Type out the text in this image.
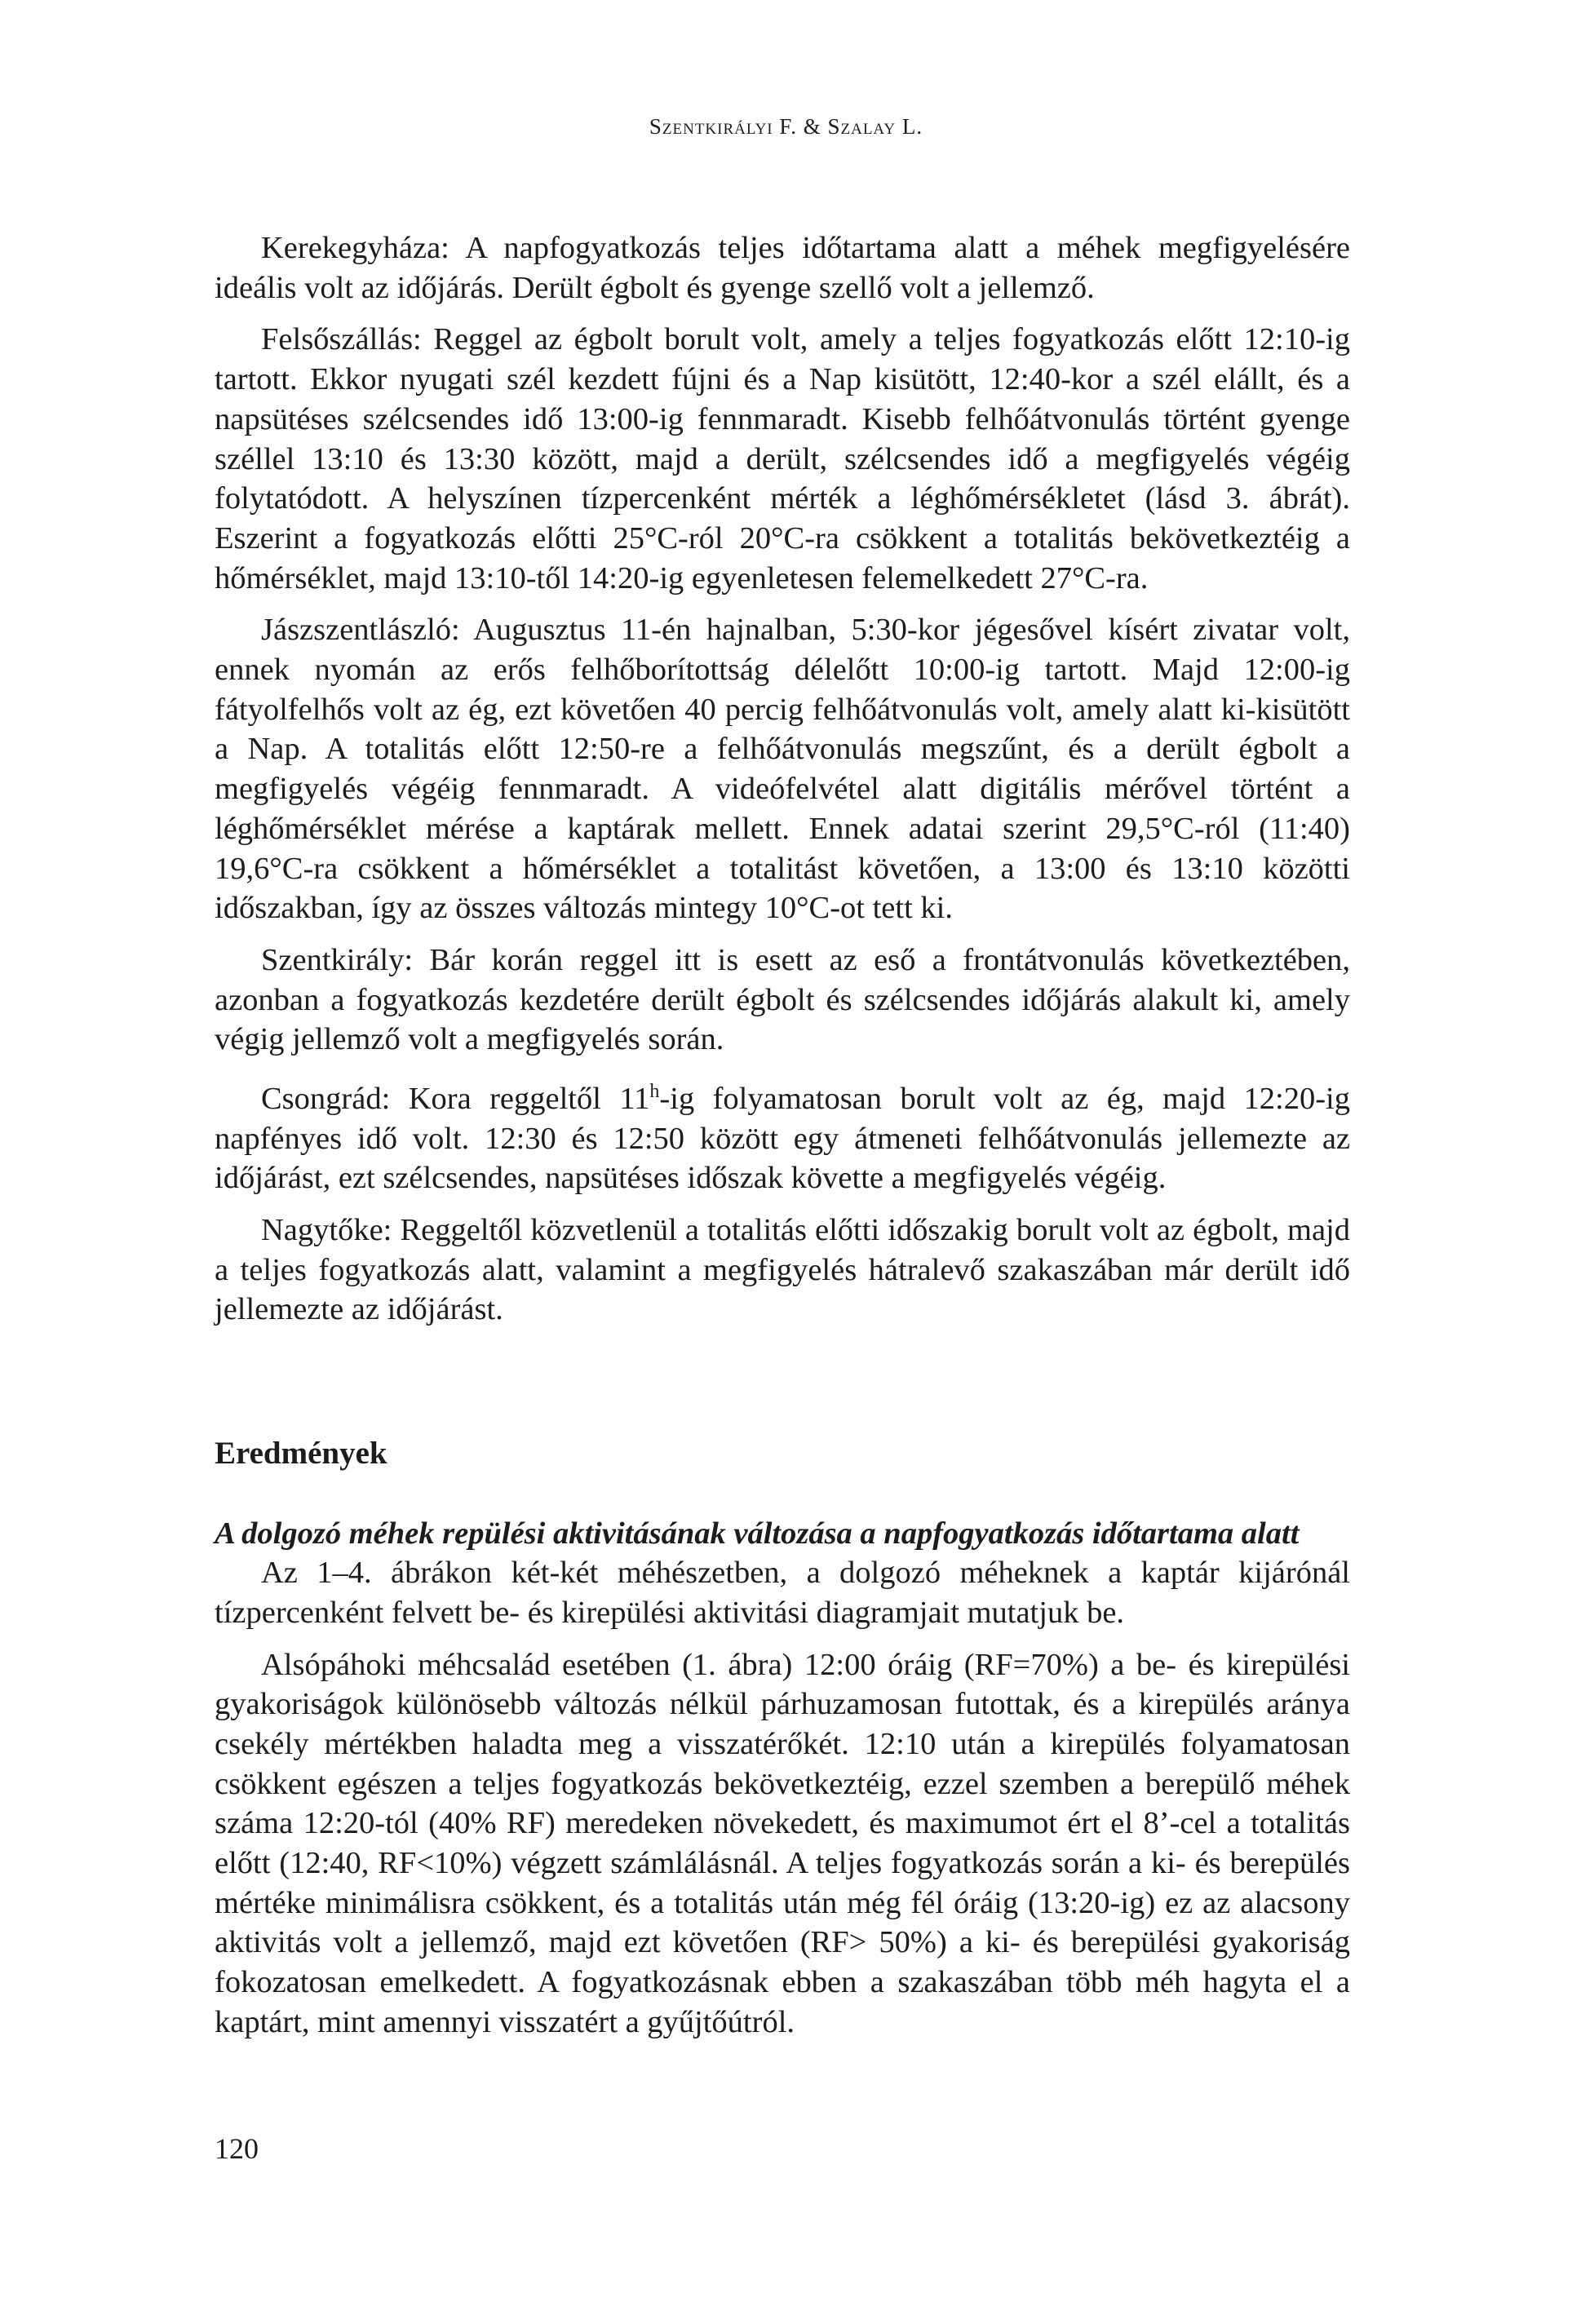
Szentkirályi F. & Szalay L.

Kerekegyháza: A napfogyatkozás teljes időtartama alatt a méhek megfigyelésére ideális volt az időjárás. Derült égbolt és gyenge szellő volt a jellemző.

Felsőszállás: Reggel az égbolt borult volt, amely a teljes fogyatkozás előtt 12:10-ig tartott. Ekkor nyugati szél kezdett fújni és a Nap kisütött, 12:40-kor a szél elállt, és a napsütéses szélcsendes idő 13:00-ig fennmaradt. Kisebb felhőátvonulás történt gyenge széllel 13:10 és 13:30 között, majd a derült, szélcsendes idő a megfigyelés végéig folytatódott. A helyszínen tízpercenként mérték a léghőmérsékletet (lásd 3. ábrát). Eszerint a fogyatkozás előtti 25°C-ról 20°C-ra csökkent a totalitás bekövetkeztéig a hőmérséklet, majd 13:10-től 14:20-ig egyenletesen felemelkedett 27°C-ra.

Jászszentlászló: Augusztus 11-én hajnalban, 5:30-kor jégesővel kísért zivatar volt, ennek nyomán az erős felhőborítottság délelőtt 10:00-ig tartott. Majd 12:00-ig fátyolfelhős volt az ég, ezt követően 40 percig felhőátvonulás volt, amely alatt ki-kisütött a Nap. A totalitás előtt 12:50-re a felhőátvonulás megszűnt, és a derült égbolt a megfigyelés végéig fennmaradt. A videófelvétel alatt digitális mérővel történt a léghőmérséklet mérése a kaptárak mellett. Ennek adatai szerint 29,5°C-ról (11:40) 19,6°C-ra csökkent a hőmérséklet a totalitást követően, a 13:00 és 13:10 közötti időszakban, így az összes változás mintegy 10°C-ot tett ki.

Szentkirály: Bár korán reggel itt is esett az eső a frontátvonulás következtében, azonban a fogyatkozás kezdetére derült égbolt és szélcsendes időjárás alakult ki, amely végig jellemző volt a megfigyelés során.

Csongrád: Kora reggeltől 11$^h$-ig folyamatosan borult volt az ég, majd 12:20-ig napfényes idő volt. 12:30 és 12:50 között egy átmeneti felhőátvonulás jellemezte az időjárást, ezt szélcsendes, napsütéses időszak követte a megfigyelés végéig.

Nagytőke: Reggeltől közvetlenül a totalitás előtti időszakig borult volt az égbolt, majd a teljes fogyatkozás alatt, valamint a megfigyelés hátralevő szakaszában már derült idő jellemezte az időjárást.

Eredmények
A dolgozó méhek repülési aktivitásának változása a napfogyatkozás időtartama alatt

Az 1–4. ábrákon két-két méhészetben, a dolgozó méheknek a kaptár kijárónál tízpercenként felvett be- és kirepülési aktivitási diagramjait mutatjuk be.

Alsópáhoki méhcsalád esetében (1. ábra) 12:00 óráig (RF=70%) a be- és kirepülési gyakoriságok különösebb változás nélkül párhuzamosan futottak, és a kirepülés aránya csekély mértékben haladta meg a visszatérőkét. 12:10 után a kirepülés folyamatosan csökkent egészen a teljes fogyatkozás bekövetkeztéig, ezzel szemben a berepülő méhek száma 12:20-tól (40% RF) meredeken növekedett, és maximumot ért el 8’-cel a totalitás előtt (12:40, RF<10%) végzett számlálásnál. A teljes fogyatkozás során a ki- és berepülés mértéke minimálisra csökkent, és a totalitás után még fél óráig (13:20-ig) ez az alacsony aktivitás volt a jellemző, majd ezt követően (RF> 50%) a ki- és berepülési gyakoriság fokozatosan emelkedett. A fogyatkozásnak ebben a szakaszában több méh hagyta el a kaptárt, mint amennyi visszatért a gyűjtőútról.

120
